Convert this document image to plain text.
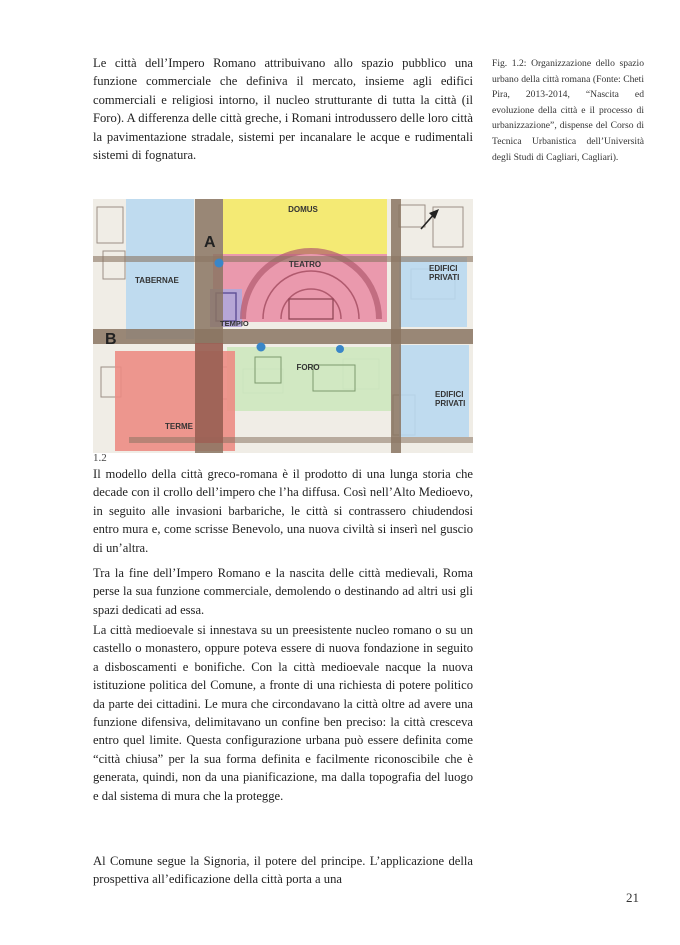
Le città dell’Impero Romano attribuivano allo spazio pubblico una funzione commerciale che definiva il mercato, insieme agli edifici commerciali e religiosi intorno, il nucleo strutturante di tutta la città (il Foro). A differenza delle città greche, i Romani introdussero delle loro città la pavimentazione stradale, sistemi per incanalare le acque e rudimentali sistemi di fognatura.

Fig. 1.2: Organizzazione dello spazio urbano della città romana (Fonte: Cheti Pira, 2013-2014, “Nascita ed evoluzione della città e il processo di urbanizzazione”, dispense del Corso di Tecnica Urbanistica dell’Università degli Studi di Cagliari, Cagliari).
DOMUS
TEATRO
TABERNAE
EDIFICI
PRIVATI
TEMPIO
FORO
EDIFICI
PRIVATI
TERME
A
B
1.2

Il modello della città greco-romana è il prodotto di una lunga storia che decade con il crollo dell’impero che l’ha diffusa. Così nell’Alto Medioevo, in seguito alle invasioni barbariche, le città si contrassero chiudendosi entro mura e, come scrisse Benevolo, una nuova civiltà si inserì nel guscio di un’altra.

Tra la fine dell’Impero Romano e la nascita delle città medievali, Roma perse la sua funzione commerciale, demolendo o destinando ad altri usi gli spazi dedicati ad essa.

La città medioevale si innestava su un preesistente nucleo romano o su un castello o monastero, oppure poteva essere di nuova fondazione in seguito a disboscamenti e bonifiche. Con la città medioevale nacque la nuova istituzione politica del Comune, a fronte di una richiesta di potere politico da parte dei cittadini. Le mura che circondavano la città oltre ad avere una funzione difensiva, delimitavano un confine ben preciso: la città cresceva entro quel limite. Questa configurazione urbana può essere definita come “città chiusa” per la sua forma definita e facilmente riconoscibile che è generata, quindi, non da una pianificazione, ma dalla topografia del luogo e dal sistema di mura che la protegge.

Al Comune segue la Signoria, il potere del principe. L’applicazione della prospettiva all’edificazione della città porta a una

21
